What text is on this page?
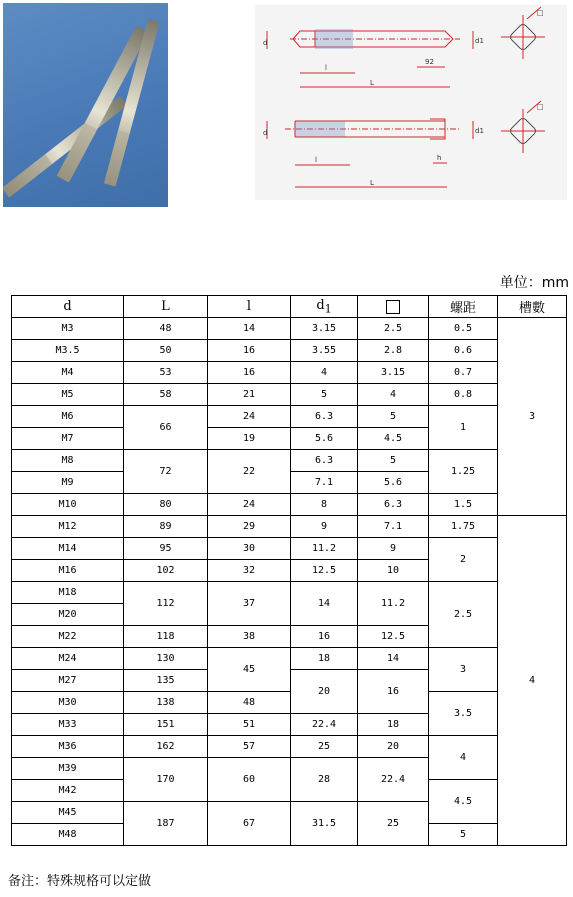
d	d1
l
L
92
□
d	d1
l
L
h
□
单位：mm
d	L	l	$d_1$		螺距	槽數
M3	48	14	3.15	2.5	0.5	3
M3.5	50	16	3.55	2.8	0.6	
M4	53	16	4	3.15	0.7	
M5	58	21	5	4	0.8	
M6	66	24	6.3	5	1	
M7		19	5.6	4.5		
M8	72	22	6.3	5	1.25	
M9			7.1	5.6		
M10	80	24	8	6.3	1.5	
M12	89	29	9	7.1	1.75	4
M14	95	30	11.2	9	2	
M16	102	32	12.5	10		
M18	112	37	14	11.2	2.5	
M20						
M22	118	38	16	12.5		
M24	130	45	18	14	3	
M27	135		20	16		
M30	138	48			3.5	
M33	151	51	22.4	18		
M36	162	57	25	20	4	
M39	170	60	28	22.4		
M42					4.5	
M45	187	67	31.5	25		
M48					5	
备注：特殊规格可以定做
